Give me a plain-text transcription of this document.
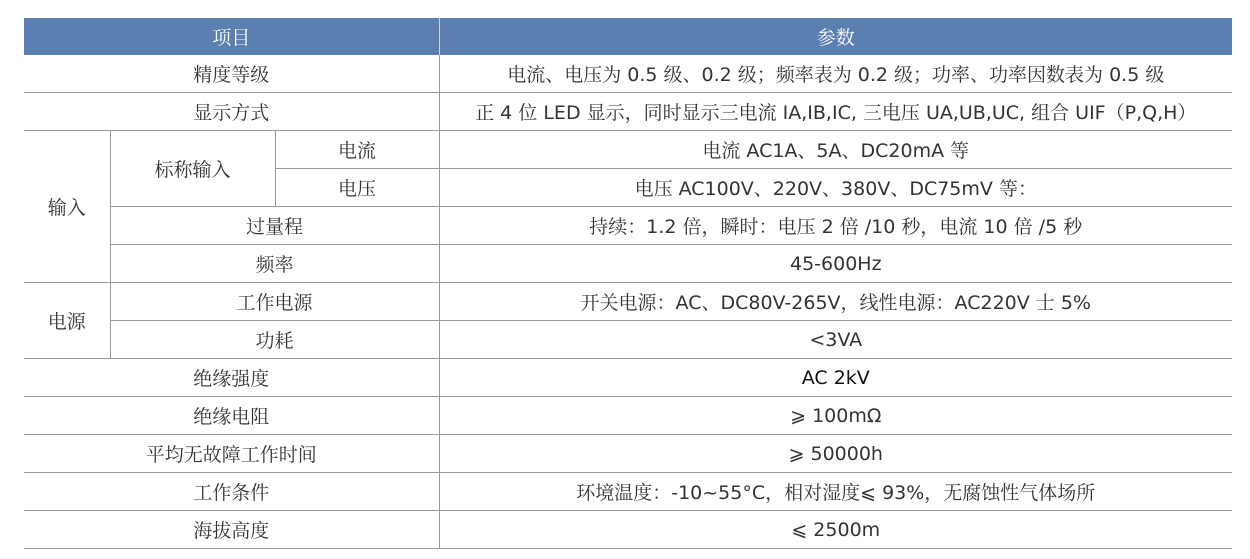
项目			参数
精度等级			电流、电压为 0.5 级、0.2 级；频率表为 0.2 级；功率、功率因数表为 0.5 级
显示方式			正 4 位 LED 显示，同时显示三电流 IA,IB,IC, 三电压 UA,UB,UC, 组合 UIF（P,Q,H）
输入	标称输入	电流	电流 AC1A、5A、DC20mA 等
		电压	电压 AC100V、220V、380V、DC75mV 等：
	过量程		持续：1.2 倍，瞬时：电压 2 倍 /10 秒，电流 10 倍 /5 秒
	频率		45-600Hz
电源	工作电源		开关电源：AC、DC80V-265V，线性电源：AC220V 士 5%
	功耗		<3VA
绝缘强度			AC 2kV
绝缘电阻			⩾ 100mΩ
平均无故障工作时间			⩾ 50000h
工作条件			环境温度：-10~55°C，相对湿度⩽ 93%，无腐蚀性气体场所
海拔高度			⩽ 2500m
